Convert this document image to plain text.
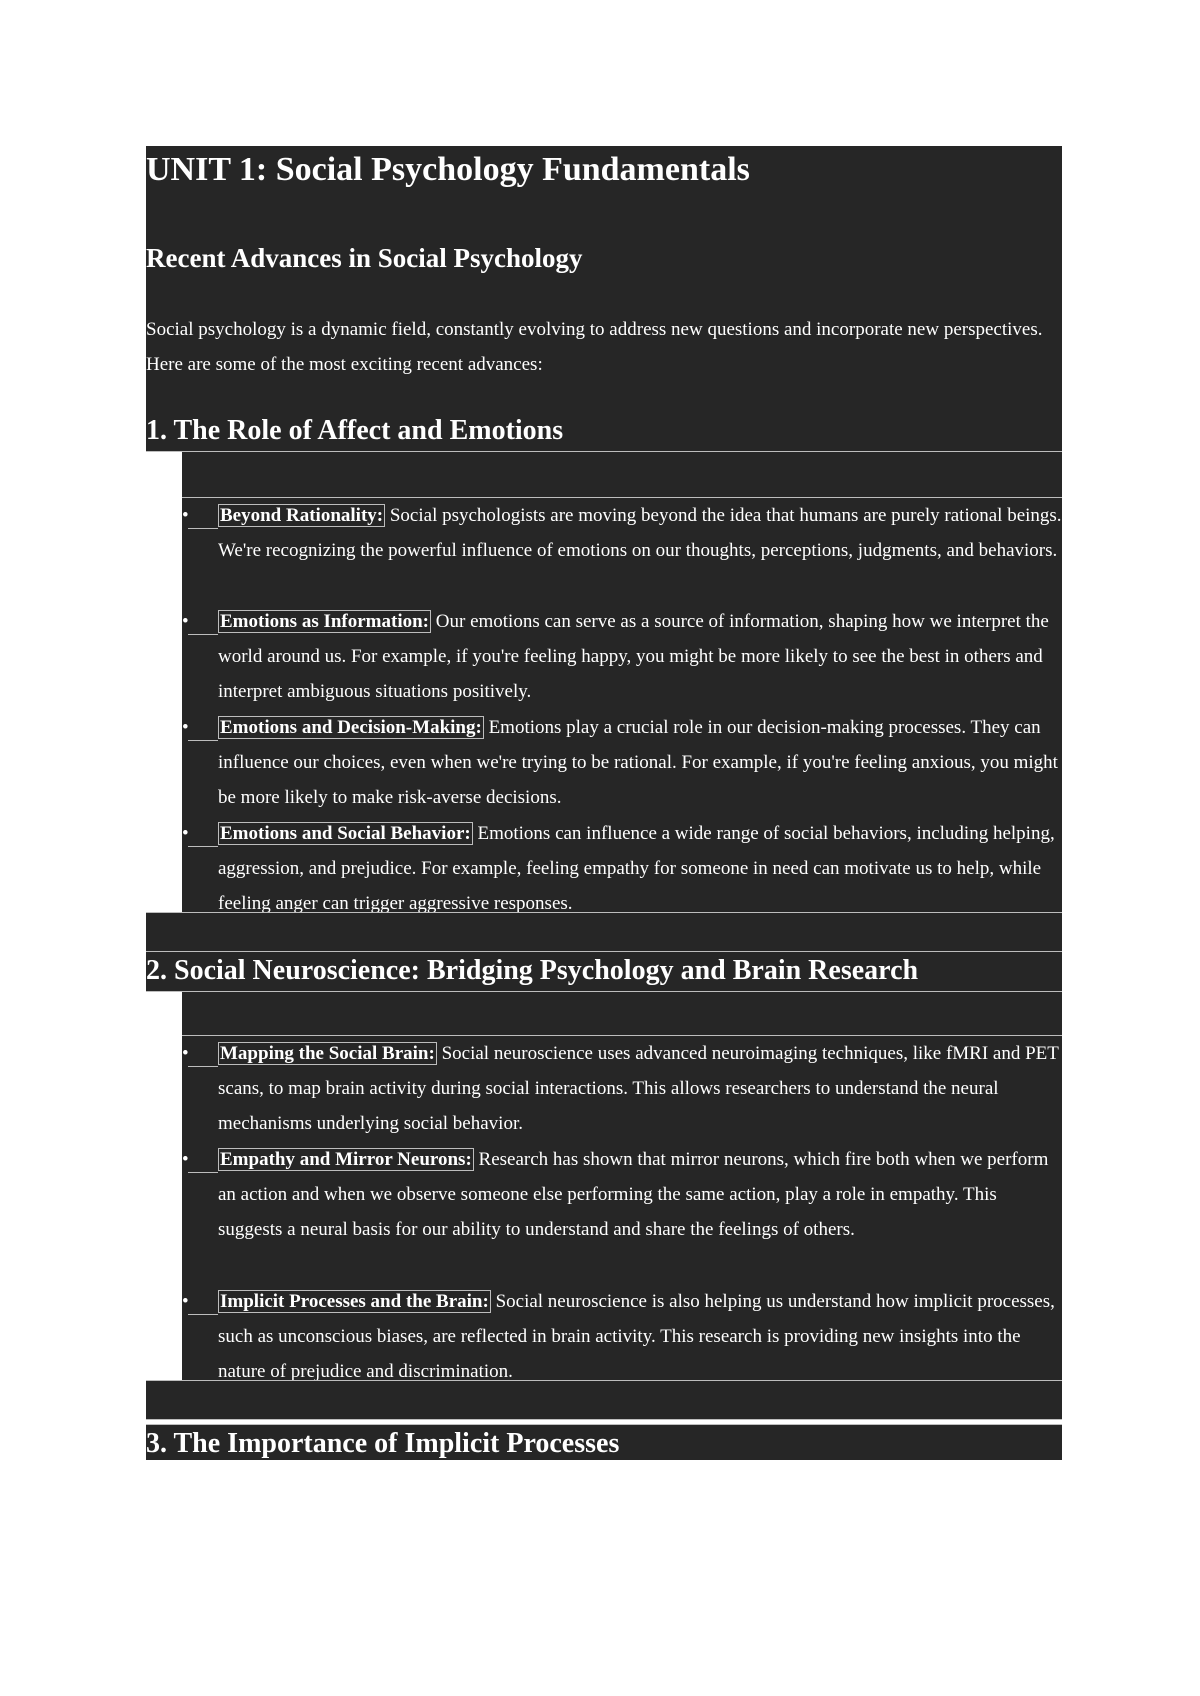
UNIT 1: Social Psychology Fundamentals
Recent Advances in Social Psychology
Social psychology is a dynamic field, constantly evolving to address new questions and incorporate new perspectives. Here are some of the most exciting recent advances:
1. The Role of Affect and Emotions
• Beyond Rationality: Social psychologists are moving beyond the idea that humans are purely rational beings. We're recognizing the powerful influence of emotions on our thoughts, perceptions, judgments, and behaviors.
• Emotions as Information: Our emotions can serve as a source of information, shaping how we interpret the world around us. For example, if you're feeling happy, you might be more likely to see the best in others and interpret ambiguous situations positively.
• Emotions and Decision-Making: Emotions play a crucial role in our decision-making processes. They can influence our choices, even when we're trying to be rational. For example, if you're feeling anxious, you might be more likely to make risk-averse decisions.
• Emotions and Social Behavior: Emotions can influence a wide range of social behaviors, including helping, aggression, and prejudice. For example, feeling empathy for someone in need can motivate us to help, while feeling anger can trigger aggressive responses.
2. Social Neuroscience: Bridging Psychology and Brain Research
• Mapping the Social Brain: Social neuroscience uses advanced neuroimaging techniques, like fMRI and PET scans, to map brain activity during social interactions. This allows researchers to understand the neural mechanisms underlying social behavior.
• Empathy and Mirror Neurons: Research has shown that mirror neurons, which fire both when we perform an action and when we observe someone else performing the same action, play a role in empathy. This suggests a neural basis for our ability to understand and share the feelings of others.
• Implicit Processes and the Brain: Social neuroscience is also helping us understand how implicit processes, such as unconscious biases, are reflected in brain activity. This research is providing new insights into the nature of prejudice and discrimination.
3. The Importance of Implicit Processes
